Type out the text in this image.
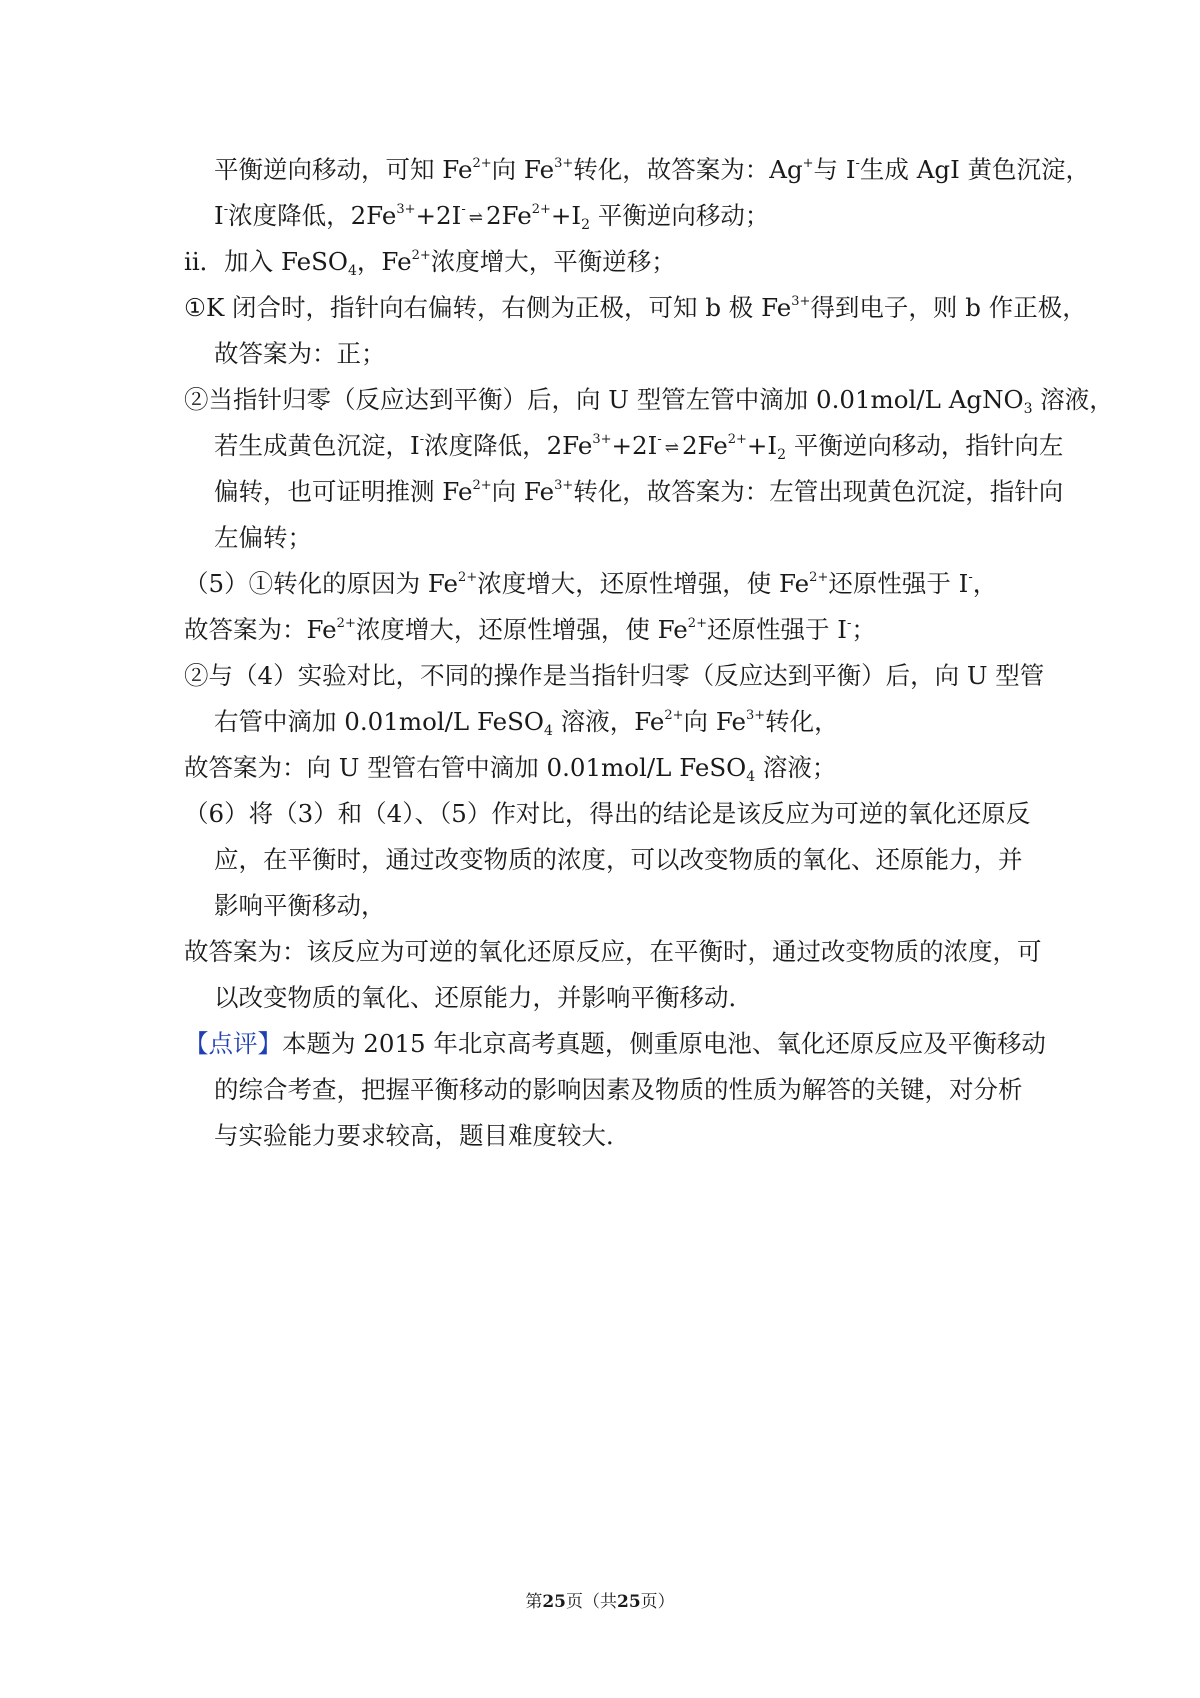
平衡逆向移动，可知 $Fe^{2+}$向 $Fe^{3+}$转化，故答案为：Ag+与 I-生成 AgI 黄色沉淀，
I-浓度降低，$2Fe^{3+}+2I^-$ ⇌ $2Fe^{2+}+I_2$ 平衡逆向移动；
ii．加入 FeSO$_4$，$Fe^{2+}$浓度增大，平衡逆移；
①K 闭合时，指针向右偏转，右侧为正极，可知 b 极 $Fe^{3+}$得到电子，则 b 作正极，
故答案为：正；
②当指针归零（反应达到平衡）后，向 U 型管左管中滴加 0.01mol/L AgNO$_3$ 溶液，
若生成黄色沉淀，I-浓度降低，$2Fe^{3+}+2I^-$ ⇌ $2Fe^{2+}+I_2$ 平衡逆向移动，指针向左
偏转，也可证明推测 $Fe^{2+}$向 $Fe^{3+}$转化，故答案为：左管出现黄色沉淀，指针向
左偏转；
（5）①转化的原因为 $Fe^{2+}$浓度增大，还原性增强，使 $Fe^{2+}$还原性强于 I-，
故答案为：$Fe^{2+}$浓度增大，还原性增强，使 $Fe^{2+}$还原性强于 I-；
②与（4）实验对比，不同的操作是当指针归零（反应达到平衡）后，向 U 型管
右管中滴加 0.01mol/L FeSO$_4$ 溶液，$Fe^{2+}$向 $Fe^{3+}$转化，
故答案为：向 U 型管右管中滴加 0.01mol/L FeSO$_4$ 溶液；
（6）将（3）和（4）、（5）作对比，得出的结论是该反应为可逆的氧化还原反
应，在平衡时，通过改变物质的浓度，可以改变物质的氧化、还原能力，并
影响平衡移动，
故答案为：该反应为可逆的氧化还原反应，在平衡时，通过改变物质的浓度，可
以改变物质的氧化、还原能力，并影响平衡移动．
【点评】本题为 2015 年北京高考真题，侧重原电池、氧化还原反应及平衡移动
的综合考查，把握平衡移动的影响因素及物质的性质为解答的关键，对分析
与实验能力要求较高，题目难度较大．
第25页（共25页）
